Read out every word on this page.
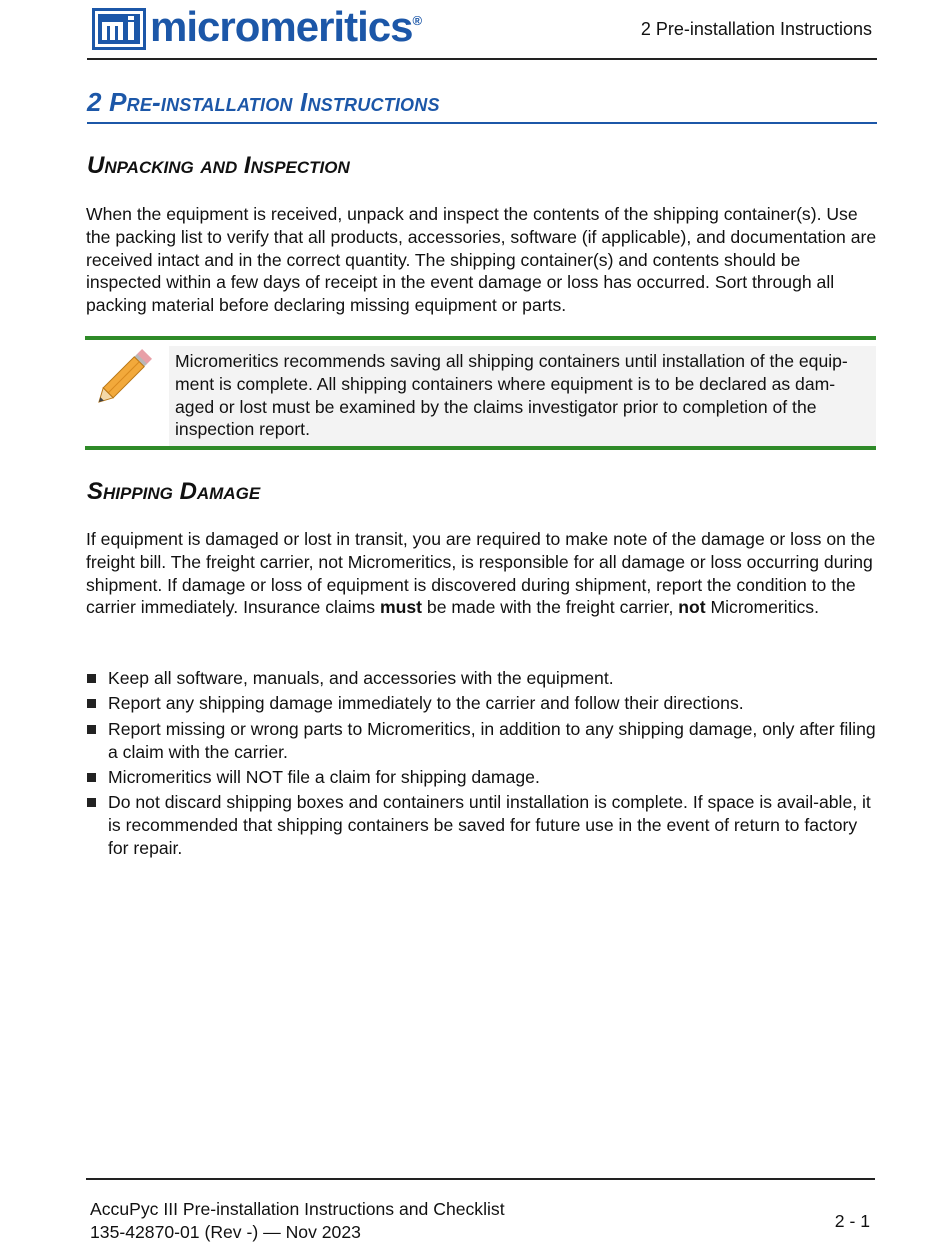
micromeritics®	2 Pre-installation Instructions
2 Pre-installation Instructions
Unpacking and Inspection

When the equipment is received, unpack and inspect the contents of the shipping container(s). Use the packing list to verify that all products, accessories, software (if applicable), and documentation are received intact and in the correct quantity. The shipping container(s) and contents should be inspected within a few days of receipt in the event damage or loss has occurred. Sort through all packing material before declaring missing equipment or parts.

Micromeritics recommends saving all shipping containers until installation of the equip-ment is complete. All shipping containers where equipment is to be declared as dam-aged or lost must be examined by the claims investigator prior to completion of the inspection report.

Shipping Damage

If equipment is damaged or lost in transit, you are required to make note of the damage or loss on the freight bill. The freight carrier, not Micromeritics, is responsible for all damage or loss occurring during shipment. If damage or loss of equipment is discovered during shipment, report the condition to the carrier immediately. Insurance claims must be made with the freight carrier, not Micromeritics.

Keep all software, manuals, and accessories with the equipment.
Report any shipping damage immediately to the carrier and follow their directions.
Report missing or wrong parts to Micromeritics, in addition to any shipping damage, only after filing a claim with the carrier.
Micromeritics will NOT file a claim for shipping damage.
Do not discard shipping boxes and containers until installation is complete. If space is avail-able, it is recommended that shipping containers be saved for future use in the event of return to factory for repair.
AccuPyc III Pre-installation Instructions and Checklist
135-42870-01 (Rev -) — Nov 2023
2 - 1
